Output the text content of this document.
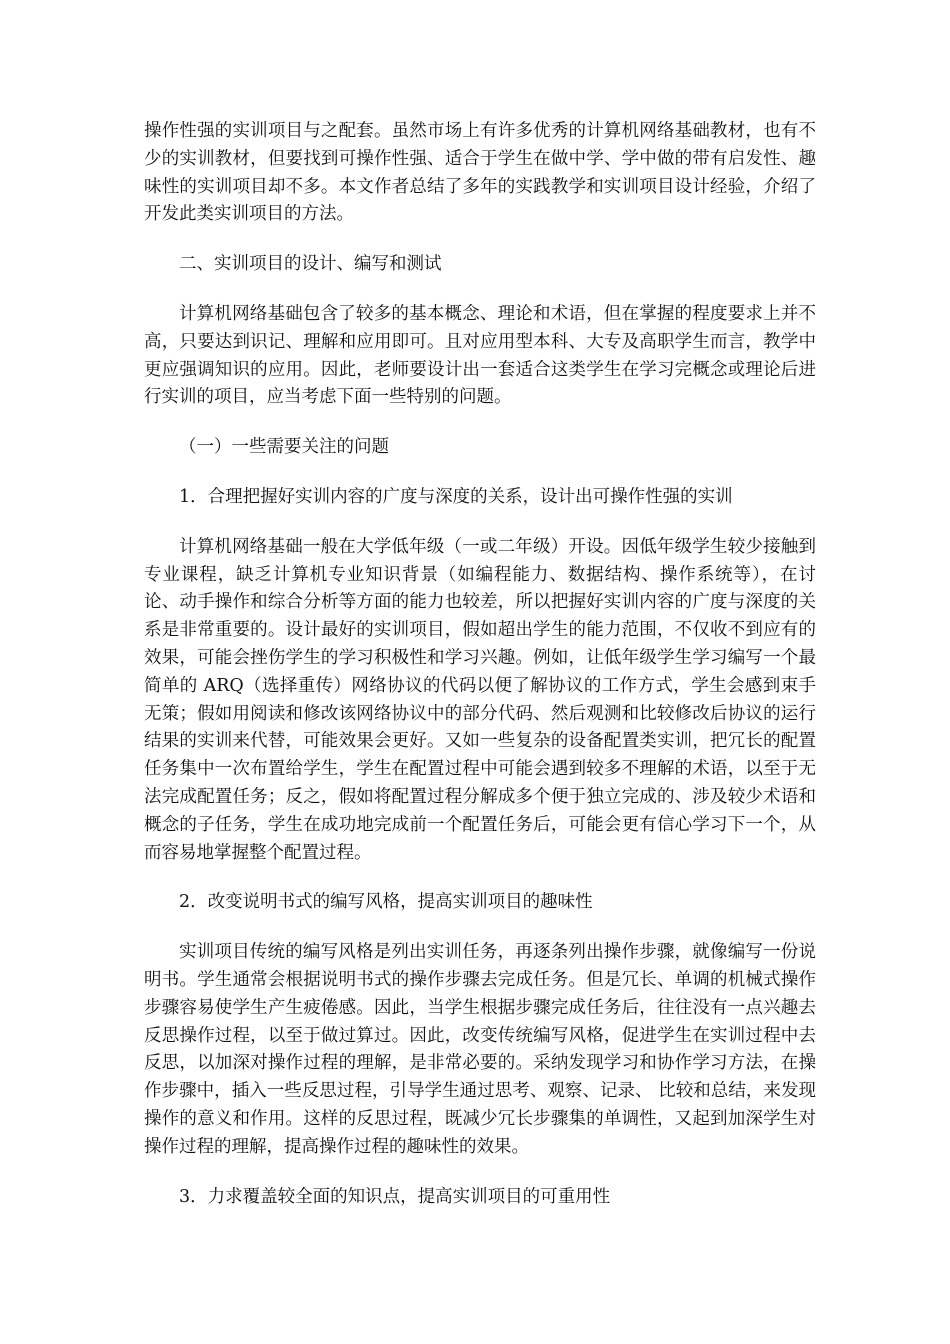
操作性强的实训项目与之配套。虽然市场上有许多优秀的计算机网络基础教材，也有不少的实训教材，但要找到可操作性强、适合于学生在做中学、学中做的带有启发性、趣味性的实训项目却不多。本文作者总结了多年的实践教学和实训项目设计经验，介绍了开发此类实训项目的方法。

二、实训项目的设计、编写和测试

计算机网络基础包含了较多的基本概念、理论和术语，但在掌握的程度要求上并不高，只要达到识记、理解和应用即可。且对应用型本科、大专及高职学生而言，教学中更应强调知识的应用。因此，老师要设计出一套适合这类学生在学习完概念或理论后进行实训的项目，应当考虑下面一些特别的问题。

（一）一些需要关注的问题

1．合理把握好实训内容的广度与深度的关系，设计出可操作性强的实训

计算机网络基础一般在大学低年级（一或二年级）开设。因低年级学生较少接触到专业课程，缺乏计算机专业知识背景（如编程能力、数据结构、操作系统等），在讨论、动手操作和综合分析等方面的能力也较差，所以把握好实训内容的广度与深度的关系是非常重要的。设计最好的实训项目，假如超出学生的能力范围，不仅收不到应有的效果，可能会挫伤学生的学习积极性和学习兴趣。例如，让低年级学生学习编写一个最简单的 ARQ（选择重传）网络协议的代码以便了解协议的工作方式，学生会感到束手无策；假如用阅读和修改该网络协议中的部分代码、然后观测和比较修改后协议的运行结果的实训来代替，可能效果会更好。又如一些复杂的设备配置类实训，把冗长的配置任务集中一次布置给学生，学生在配置过程中可能会遇到较多不理解的术语，以至于无法完成配置任务；反之，假如将配置过程分解成多个便于独立完成的、涉及较少术语和概念的子任务，学生在成功地完成前一个配置任务后，可能会更有信心学习下一个，从而容易地掌握整个配置过程。

2．改变说明书式的编写风格，提高实训项目的趣味性

实训项目传统的编写风格是列出实训任务，再逐条列出操作步骤，就像编写一份说明书。学生通常会根据说明书式的操作步骤去完成任务。但是冗长、单调的机械式操作步骤容易使学生产生疲倦感。因此，当学生根据步骤完成任务后，往往没有一点兴趣去反思操作过程，以至于做过算过。因此，改变传统编写风格，促进学生在实训过程中去反思，以加深对操作过程的理解，是非常必要的。采纳发现学习和协作学习方法，在操作步骤中，插入一些反思过程，引导学生通过思考、观察、记录、 比较和总结，来发现操作的意义和作用。这样的反思过程，既减少冗长步骤集的单调性，又起到加深学生对操作过程的理解，提高操作过程的趣味性的效果。

3．力求覆盖较全面的知识点，提高实训项目的可重用性
